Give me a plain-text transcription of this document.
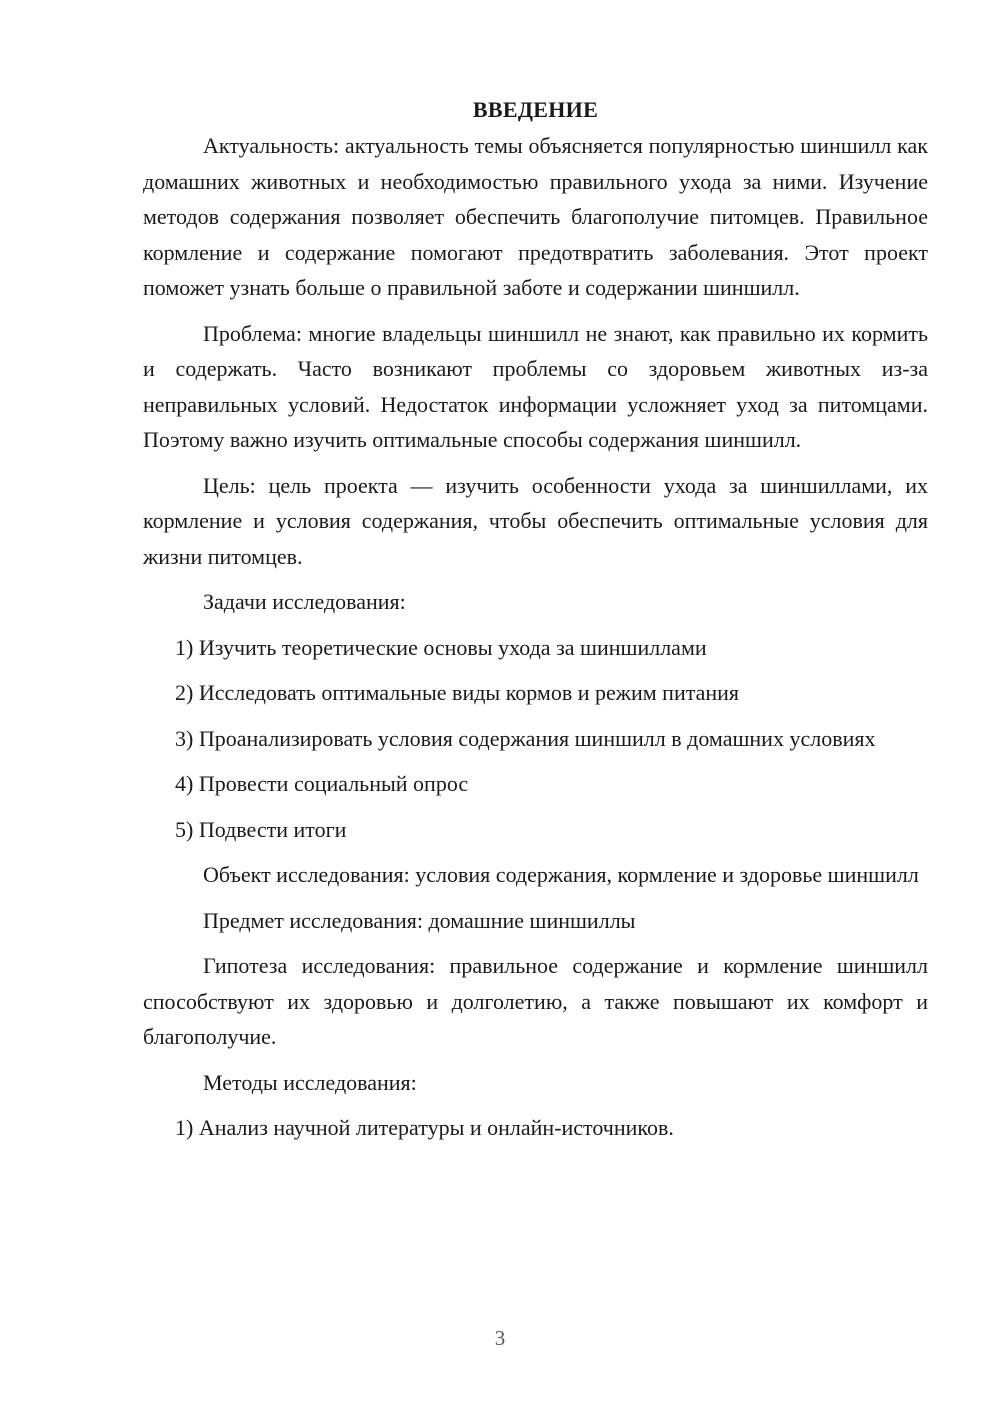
ВВЕДЕНИЕ

Актуальность: актуальность темы объясняется популярностью шиншилл как домашних животных и необходимостью правильного ухода за ними. Изучение методов содержания позволяет обеспечить благополучие питомцев. Правильное кормление и содержание помогают предотвратить заболевания. Этот проект поможет узнать больше о правильной заботе и содержании шиншилл.

Проблема: многие владельцы шиншилл не знают, как правильно их кормить и содержать. Часто возникают проблемы со здоровьем животных из-за неправильных условий. Недостаток информации усложняет уход за питомцами. Поэтому важно изучить оптимальные способы содержания шиншилл.

Цель: цель проекта — изучить особенности ухода за шиншиллами, их кормление и условия содержания, чтобы обеспечить оптимальные условия для жизни питомцев.

Задачи исследования:

1) Изучить теоретические основы ухода за шиншиллами

2) Исследовать оптимальные виды кормов и режим питания

3) Проанализировать условия содержания шиншилл в домашних условиях

4) Провести социальный опрос

5) Подвести итоги

Объект исследования: условия содержания, кормление и здоровье шиншилл

Предмет исследования: домашние шиншиллы

Гипотеза исследования: правильное содержание и кормление шиншилл способствуют их здоровью и долголетию, а также повышают их комфорт и благополучие.

Методы исследования:

1) Анализ научной литературы и онлайн-источников.

3
